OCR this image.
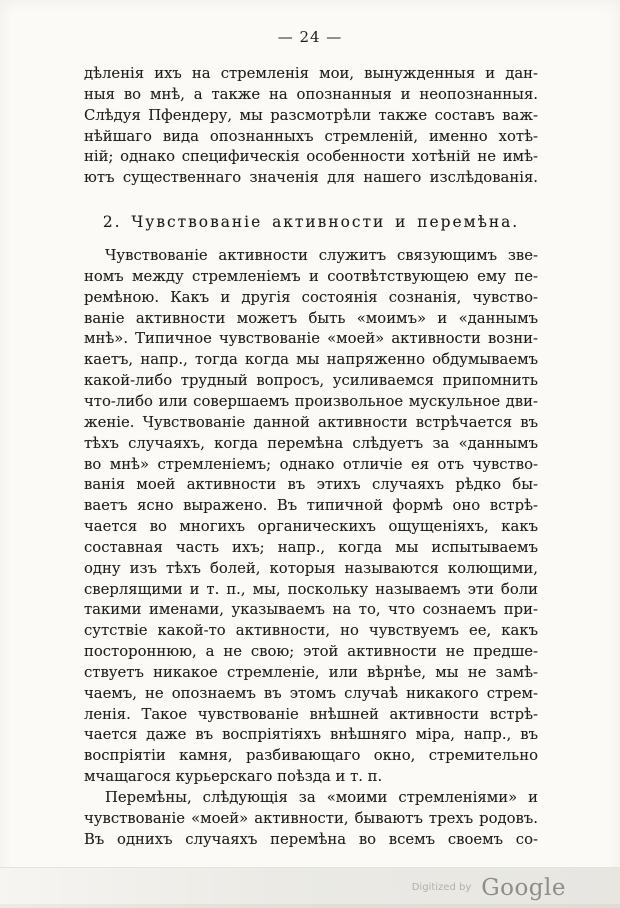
— 24 —
дѣленія ихъ на стремленія мои, вынужденныя и дан-
ныя во мнѣ, а также на опознанныя и неопознанныя.
Слѣдуя Пфендеру, мы разсмотрѣли также составъ важ-
нѣйшаго вида опознанныхъ стремленій, именно хотѣ-
ній; однако специфическія особенности хотѣній не имѣ-
ютъ существеннаго значенія для нашего изслѣдованія.
2. Чувствованіе активности и перемѣна.
Чувствованіе активности служитъ связующимъ зве-
номъ между стремленіемъ и соотвѣтствующею ему пе-
ремѣною. Какъ и другія состоянія сознанія, чувство-
ваніе активности можетъ быть «моимъ» и «даннымъ
мнѣ». Типичное чувствованіе «моей» активности возни-
каетъ, напр., тогда когда мы напряженно обдумываемъ
какой-либо трудный вопросъ, усиливаемся припомнить
что-либо или совершаемъ произвольное мускульное дви-
женіе. Чувствованіе данной активности встрѣчается въ
тѣхъ случаяхъ, когда перемѣна слѣдуетъ за «даннымъ
во мнѣ» стремленіемъ; однако отличіе ея отъ чувство-
ванія моей активности въ этихъ случаяхъ рѣдко бы-
ваетъ ясно выражено. Въ типичной формѣ оно встрѣ-
чается во многихъ органическихъ ощущеніяхъ, какъ
составная часть ихъ; напр., когда мы испытываемъ
одну изъ тѣхъ болей, которыя называются колющими,
сверлящими и т. п., мы, поскольку называемъ эти боли
такими именами, указываемъ на то, что сознаемъ при-
сутствіе какой-то активности, но чувствуемъ ее, какъ
постороннюю, а не свою; этой активности не предше-
ствуетъ никакое стремленіе, или вѣрнѣе, мы не замѣ-
чаемъ, не опознаемъ въ этомъ случаѣ никакого стрем-
ленія. Такое чувствованіе внѣшней активности встрѣ-
чается даже въ воспріятіяхъ внѣшняго міра, напр., въ
воспріятіи камня, разбивающаго окно, стремительно
мчащагося курьерскаго поѣзда и т. п.
Перемѣны, слѣдующія за «моими стремленіями» и
чувствованіе «моей» активности, бываютъ трехъ родовъ.
Въ однихъ случаяхъ перемѣна во всемъ своемъ со-
Digitized by Google
